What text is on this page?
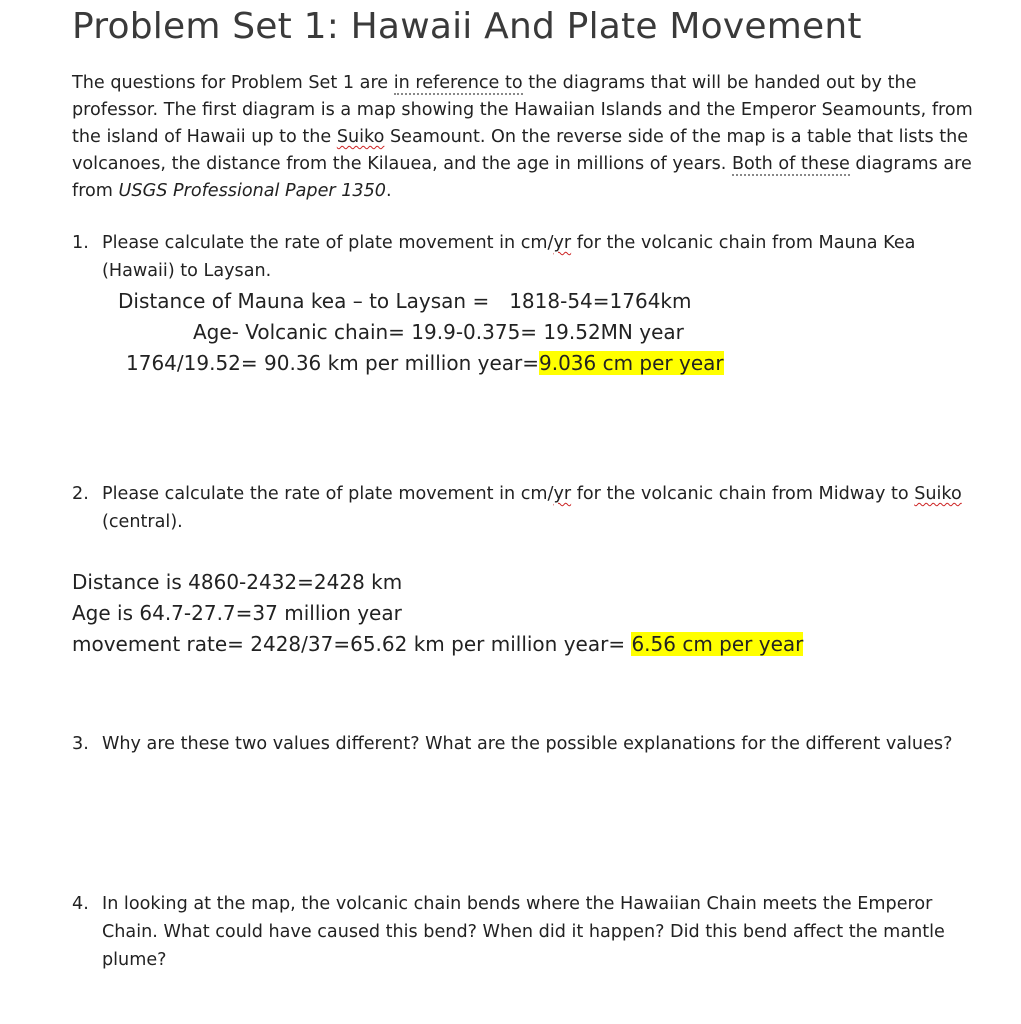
Problem Set 1: Hawaii And Plate Movement
The questions for Problem Set 1 are in reference to the diagrams that will be handed out by the professor. The first diagram is a map showing the Hawaiian Islands and the Emperor Seamounts, from the island of Hawaii up to the Suiko Seamount. On the reverse side of the map is a table that lists the volcanoes, the distance from the Kilauea, and the age in millions of years. Both of these diagrams are from USGS Professional Paper 1350.
1. Please calculate the rate of plate movement in cm/yr for the volcanic chain from Mauna Kea (Hawaii) to Laysan.
Distance of Mauna kea – to Laysan = 1818-54=1764km
Age- Volcanic chain= 19.9-0.375= 19.52MN year
1764/19.52= 90.36 km per million year=9.036 cm per year
2. Please calculate the rate of plate movement in cm/yr for the volcanic chain from Midway to Suiko (central).
Distance is 4860-2432=2428 km
Age is 64.7-27.7=37 million year
movement rate= 2428/37=65.62 km per million year= 6.56 cm per year
3. Why are these two values different? What are the possible explanations for the different values?
4. In looking at the map, the volcanic chain bends where the Hawaiian Chain meets the Emperor Chain. What could have caused this bend? When did it happen? Did this bend affect the mantle plume?
